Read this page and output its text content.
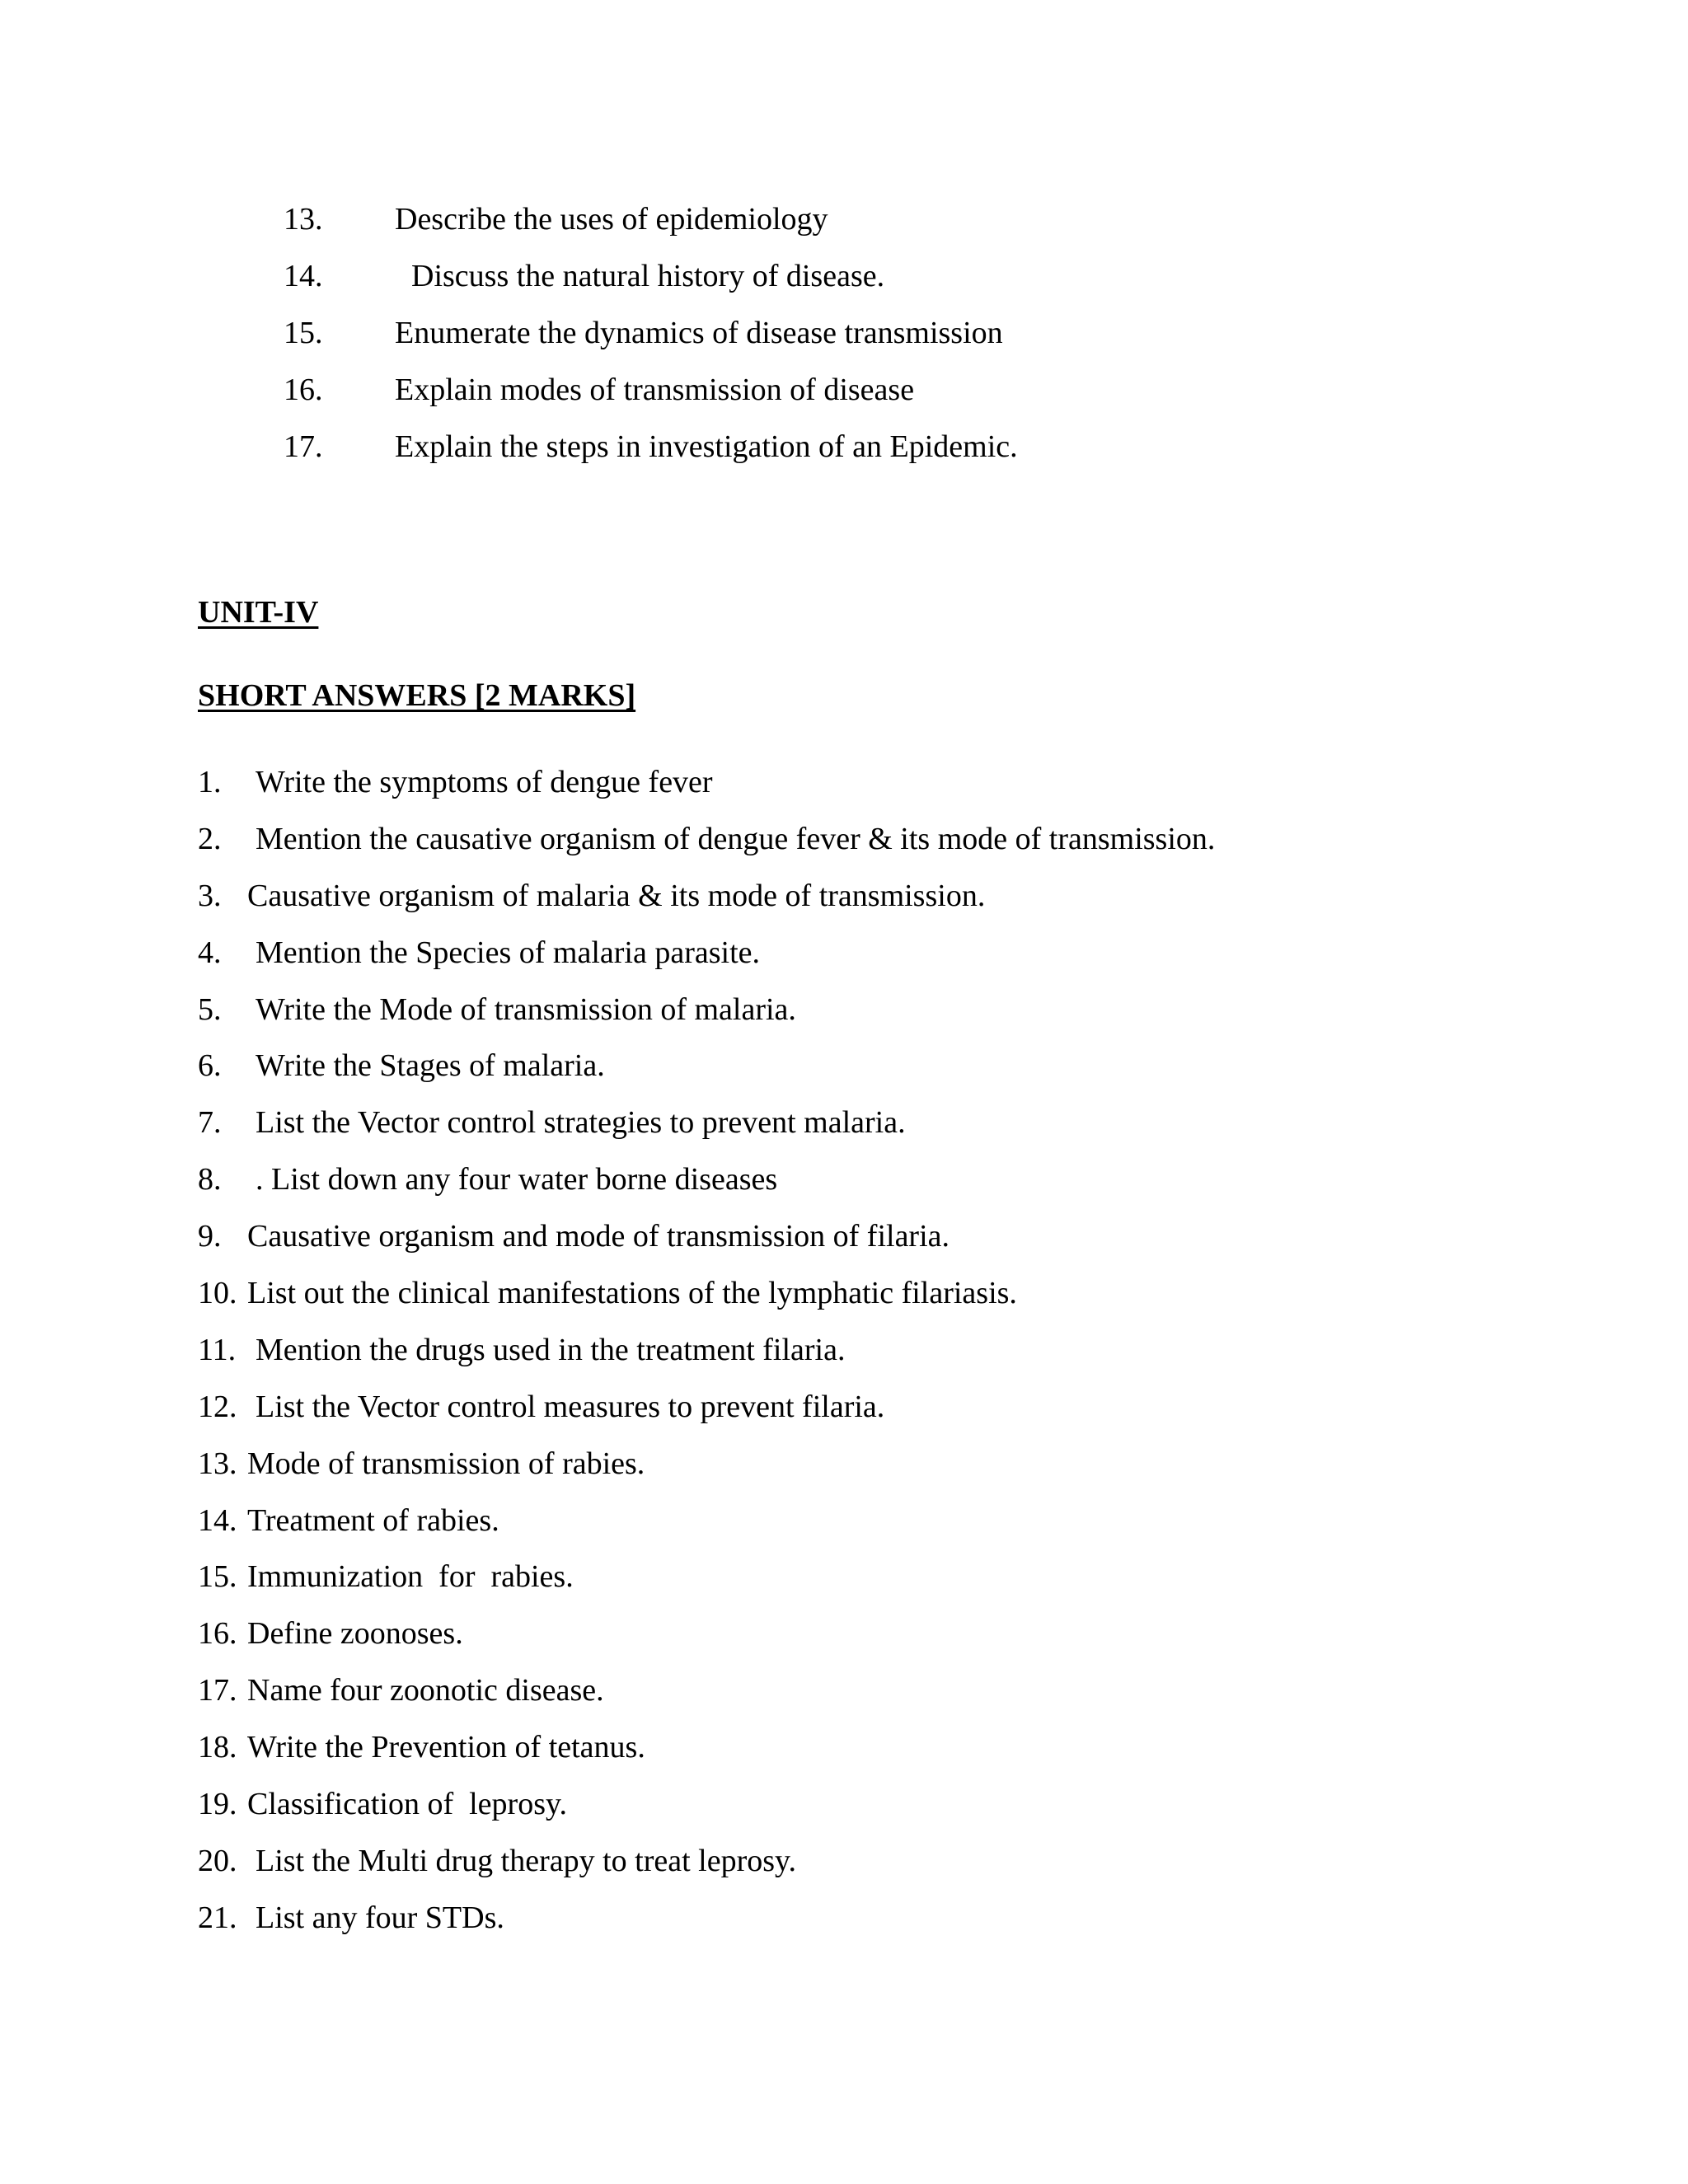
13.	Describe the uses of epidemiology
14.	Discuss the natural history of disease.
15.	Enumerate the dynamics of disease transmission
16.	Explain modes of transmission of disease
17.	Explain the steps in investigation of an Epidemic.
UNIT-IV
SHORT ANSWERS [2 MARKS]
1.	Write the symptoms of dengue fever
2.	Mention the causative organism of dengue fever & its mode of transmission.
3. Causative organism of malaria & its mode of transmission.
4.	Mention the Species of malaria parasite.
5.	Write the Mode of transmission of malaria.
6.	Write the Stages of malaria.
7.	List the Vector control strategies to prevent malaria.
8.	. List down any four water borne diseases
9. Causative organism and mode of transmission of filaria.
10. List out the clinical manifestations of the lymphatic filariasis.
11. Mention the drugs used in the treatment filaria.
12. List the Vector control measures to prevent filaria.
13. Mode of transmission of rabies.
14. Treatment of rabies.
15. Immunization  for  rabies.
16. Define zoonoses.
17. Name four zoonotic disease.
18. Write the Prevention of tetanus.
19. Classification of  leprosy.
20. List the Multi drug therapy to treat leprosy.
21. List any four STDs.
